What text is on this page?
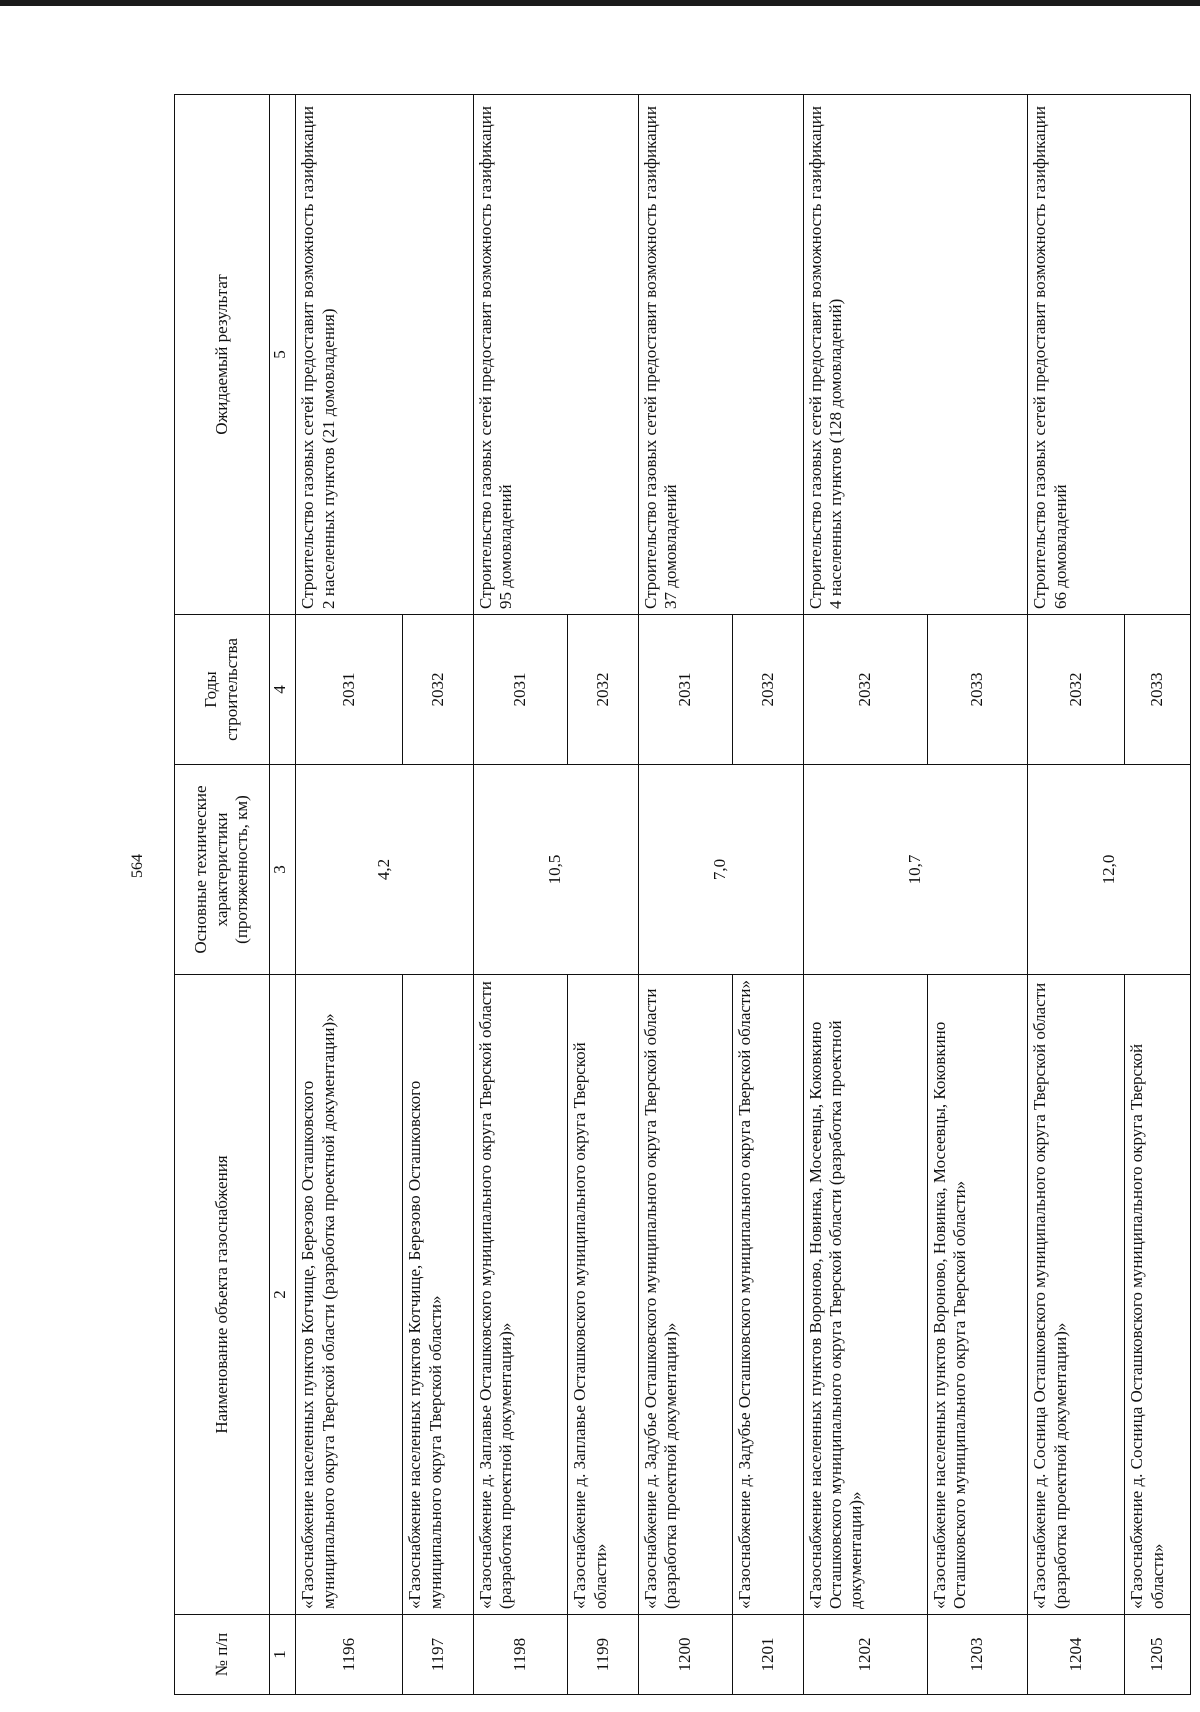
564
№ п/п	Наименование объекта газоснабжения	Основные технические характеристики (протяженность, км)	Годы строительства	Ожидаемый результат
1	2	3	4	5
1196	«Газоснабжение населенных пунктов Котчище, Березово Осташковского муниципального округа Тверской области (разработка проектной документации)»	4,2	2031	Строительство газовых сетей предоставит возможность газификации 2 населенных пунктов (21 домовладения)
1197	«Газоснабжение населенных пунктов Котчище, Березово Осташковского муниципального округа Тверской области»		2032	
1198	«Газоснабжение д. Заплавье Осташковского муниципального округа Тверской области (разработка проектной документации)»	10,5	2031	Строительство газовых сетей предоставит возможность газификации 95 домовладений
1199	«Газоснабжение д. Заплавье Осташковского муниципального округа Тверской области»		2032	
1200	«Газоснабжение д. Задубье Осташковского муниципального округа Тверской области (разработка проектной документации)»	7,0	2031	Строительство газовых сетей предоставит возможность газификации 37 домовладений
1201	«Газоснабжение д. Задубье Осташковского муниципального округа Тверской области»		2032	
1202	«Газоснабжение населенных пунктов Вороново, Новинка, Мосеевцы, Коковкино Осташковского муниципального округа Тверской области (разработка проектной документации)»	10,7	2032	Строительство газовых сетей предоставит возможность газификации 4 населенных пунктов (128 домовладений)
1203	«Газоснабжение населенных пунктов Вороново, Новинка, Мосеевцы, Коковкино Осташковского муниципального округа Тверской области»		2033	
1204	«Газоснабжение д. Сосница Осташковского муниципального округа Тверской области (разработка проектной документации)»	12,0	2032	Строительство газовых сетей предоставит возможность газификации 66 домовладений
1205	«Газоснабжение д. Сосница Осташковского муниципального округа Тверской области»		2033	
